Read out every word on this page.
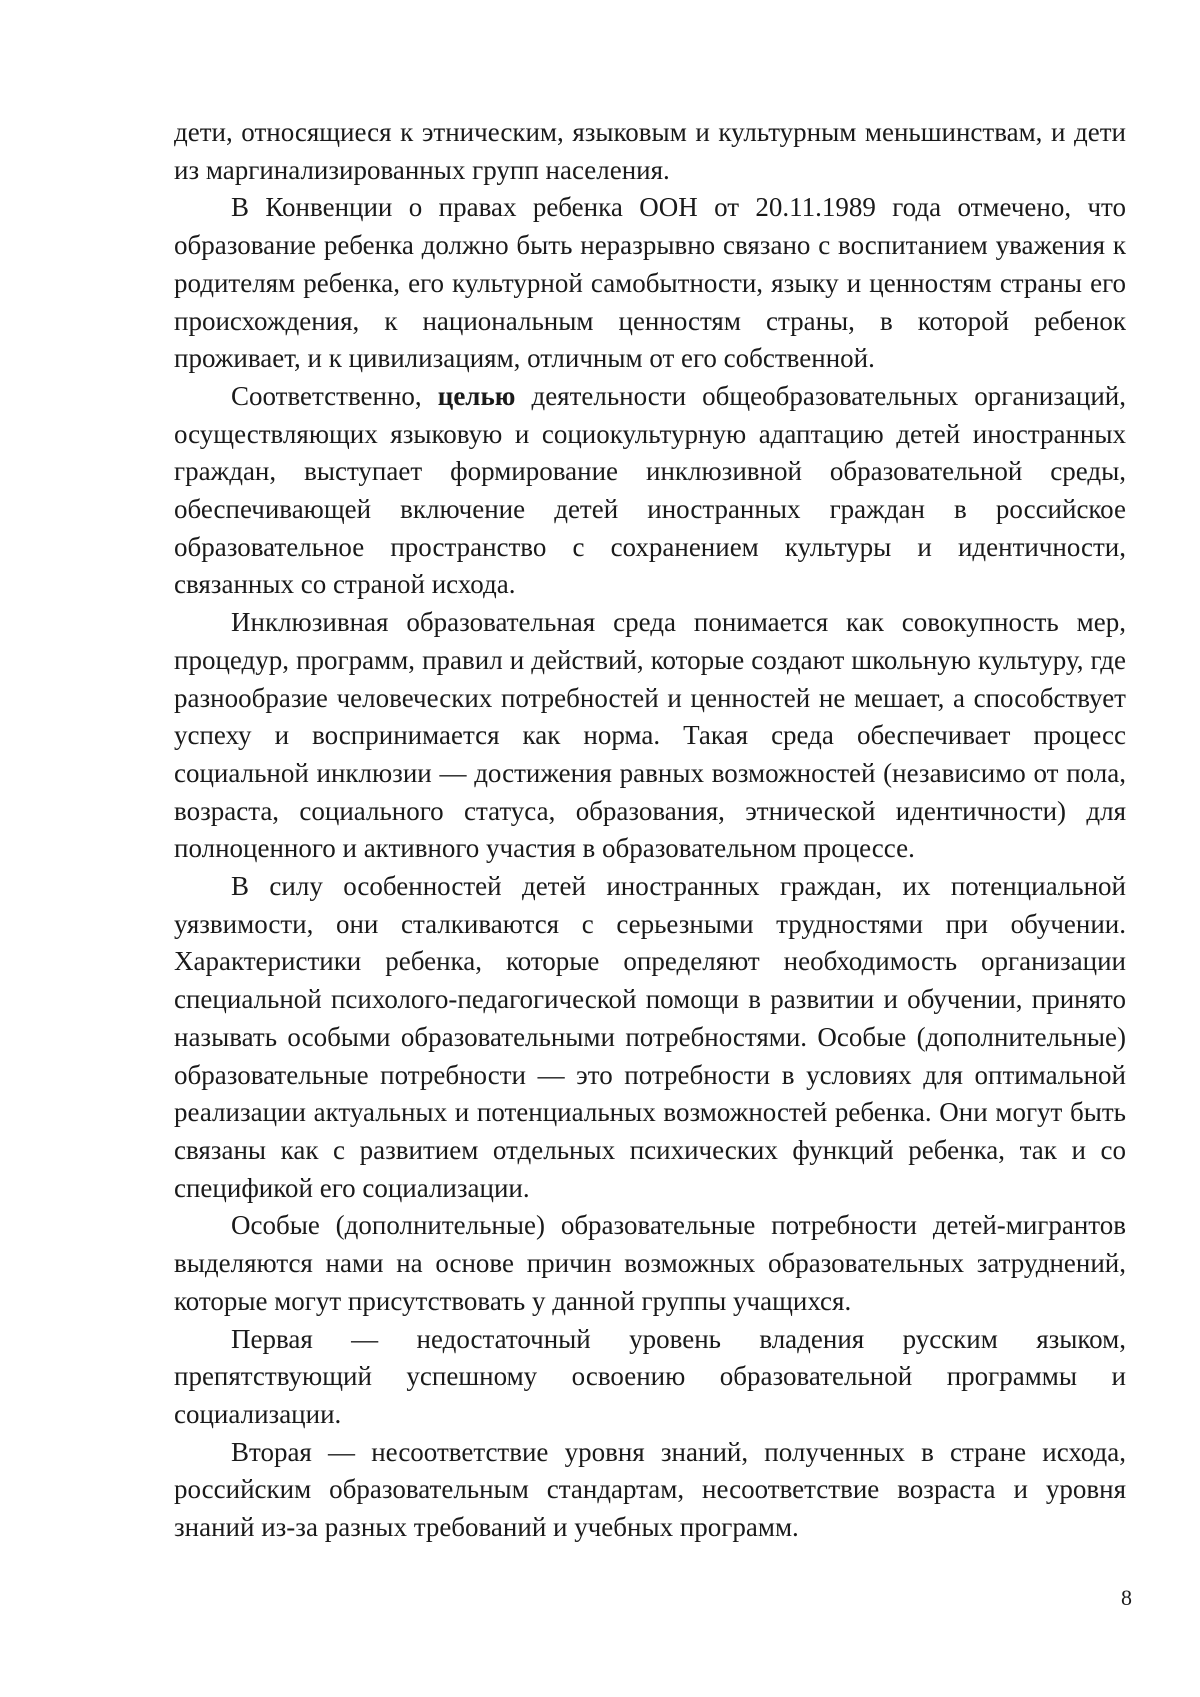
дети, относящиеся к этническим, языковым и культурным меньшинствам, и дети из маргинализированных групп населения.

В Конвенции о правах ребенка ООН от 20.11.1989 года отмечено, что образование ребенка должно быть неразрывно связано с воспитанием уважения к родителям ребенка, его культурной самобытности, языку и ценностям страны его происхождения, к национальным ценностям страны, в которой ребенок проживает, и к цивилизациям, отличным от его собственной.

Соответственно, целью деятельности общеобразовательных организаций, осуществляющих языковую и социокультурную адаптацию детей иностранных граждан, выступает формирование инклюзивной образовательной среды, обеспечивающей включение детей иностранных граждан в российское образовательное пространство с сохранением культуры и идентичности, связанных со страной исхода.

Инклюзивная образовательная среда понимается как совокупность мер, процедур, программ, правил и действий, которые создают школьную культуру, где разнообразие человеческих потребностей и ценностей не мешает, а способствует успеху и воспринимается как норма. Такая среда обеспечивает процесс социальной инклюзии — достижения равных возможностей (независимо от пола, возраста, социального статуса, образования, этнической идентичности) для полноценного и активного участия в образовательном процессе.

В силу особенностей детей иностранных граждан, их потенциальной уязвимости, они сталкиваются с серьезными трудностями при обучении. Характеристики ребенка, которые определяют необходимость организации специальной психолого-педагогической помощи в развитии и обучении, принято называть особыми образовательными потребностями. Особые (дополнительные) образовательные потребности — это потребности в условиях для оптимальной реализации актуальных и потенциальных возможностей ребенка. Они могут быть связаны как с развитием отдельных психических функций ребенка, так и со спецификой его социализации.

Особые (дополнительные) образовательные потребности детей-мигрантов выделяются нами на основе причин возможных образовательных затруднений, которые могут присутствовать у данной группы учащихся.

Первая — недостаточный уровень владения русским языком, препятствующий успешному освоению образовательной программы и социализации.

Вторая — несоответствие уровня знаний, полученных в стране исхода, российским образовательным стандартам, несоответствие возраста и уровня знаний из-за разных требований и учебных программ.

8
